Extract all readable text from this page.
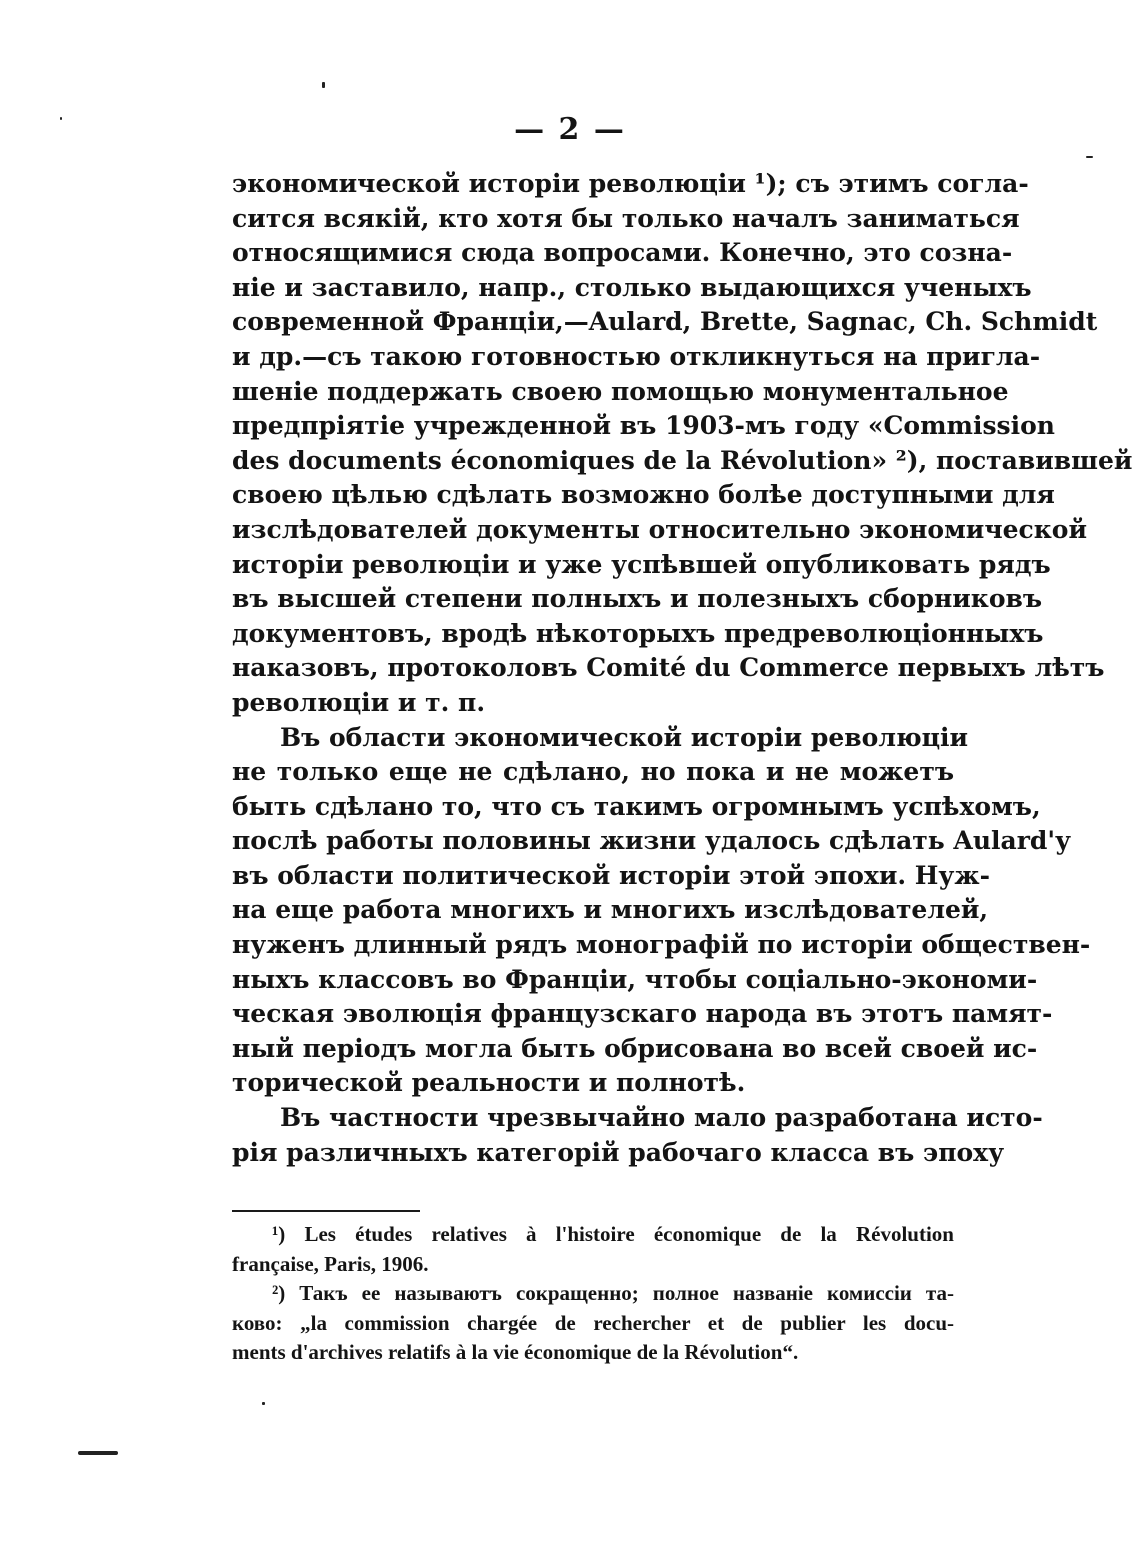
— 2 —
экономической исторіи революціи ¹); съ этимъ согла-
сится всякій, кто хотя бы только началъ заниматься
относящимися сюда вопросами. Конечно, это созна-
ніе и заставило, напр., столько выдающихся ученыхъ
современной Франціи,—Aulard, Brette, Sagnac, Ch. Schmidt
и др.—съ такою готовностью откликнуться на пригла-
шеніе поддержать своею помощью монументальное
предпріятіе учрежденной въ 1903-мъ году «Commission
des documents économiques de la Révolution» ²), поставившей
своею цѣлью сдѣлать возможно болѣе доступными для
изслѣдователей документы относительно экономической
исторіи революціи и уже успѣвшей опубликовать рядъ
въ высшей степени полныхъ и полезныхъ сборниковъ
документовъ, вродѣ нѣкоторыхъ предреволюціонныхъ
наказовъ, протоколовъ Comité du Commerce первыхъ лѣтъ
революціи и т. п.
Въ области экономической исторіи революціи
не только еще не сдѣлано, но пока и не можетъ
быть сдѣлано то, что съ такимъ огромнымъ успѣхомъ,
послѣ работы половины жизни удалось сдѣлать Aulard'у
въ области политической исторіи этой эпохи. Нуж-
на еще работа многихъ и многихъ изслѣдователей,
нуженъ длинный рядъ монографій по исторіи обществен-
ныхъ классовъ во Франціи, чтобы соціально-экономи-
ческая эволюція французскаго народа въ этотъ памят-
ный періодъ могла быть обрисована во всей своей ис-
торической реальности и полнотѣ.
Въ частности чрезвычайно мало разработана исто-
рія различныхъ категорій рабочаго класса въ эпоху
¹) Les études relatives à l'histoire économique de la Révolution
française, Paris, 1906.
²) Такъ ее называютъ сокращенно; полное названіе комиссіи та-
ково: „la commission chargée de rechercher et de publier les docu-
ments d'archives relatifs à la vie économique de la Révolution“.
